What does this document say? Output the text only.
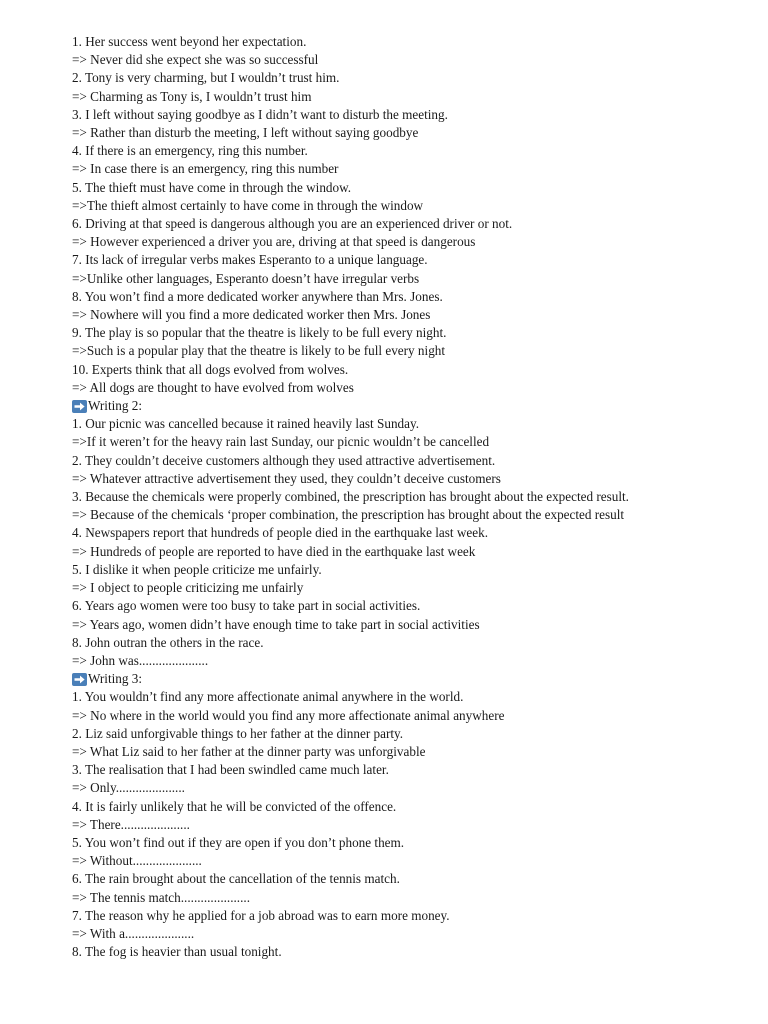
1. Her success went beyond her expectation.
=> Never did she expect she was so successful
2. Tony is very charming, but I wouldn’t trust him.
=> Charming as Tony is, I wouldn’t trust him
3. I left without saying goodbye as I didn’t want to disturb the meeting.
=> Rather than disturb the meeting, I left without saying goodbye
4. If there is an emergency, ring this number.
=> In case there is an emergency, ring this number
5. The thieft must have come in through the window.
=>The thieft almost certainly to have come in through the window
6. Driving at that speed is dangerous although you are an experienced driver or not.
=> However experienced a driver you are, driving at that speed is dangerous
7. Its lack of irregular verbs makes Esperanto to a unique language.
=>Unlike other languages, Esperanto doesn’t have irregular verbs
8. You won’t find a more dedicated worker anywhere than Mrs. Jones.
=> Nowhere will you find a more dedicated worker then Mrs. Jones
9. The play is so popular that the theatre is likely to be full every night.
=>Such is a popular play that the theatre is likely to be full every night
10. Experts think that all dogs evolved from wolves.
=> All dogs are thought to have evolved from wolves
Writing 2:
1. Our picnic was cancelled because it rained heavily last Sunday.
=>If it weren’t for the heavy rain last Sunday, our picnic wouldn’t be cancelled
2. They couldn’t deceive customers although they used attractive advertisement.
=> Whatever attractive advertisement they used, they couldn’t deceive customers
3. Because the chemicals were properly combined, the prescription has brought about the expected result.
=> Because of the chemicals ‘proper combination, the prescription has brought about the expected result
4. Newspapers report that hundreds of people died in the earthquake last week.
=> Hundreds of people are reported to have died in the earthquake last week
5. I dislike it when people criticize me unfairly.
=> I object to people criticizing me unfairly
6. Years ago women were too busy to take part in social activities.
=> Years ago, women didn’t have enough time to take part in social activities
8. John outran the others in the race.
=> John was.....................
Writing 3:
1. You wouldn’t find any more affectionate animal anywhere in the world.
=> No where in the world would you find any more affectionate animal anywhere
2. Liz said unforgivable things to her father at the dinner party.
=> What Liz said to her father at the dinner party was unforgivable
3. The realisation that I had been swindled came much later.
=> Only.....................
4. It is fairly unlikely that he will be convicted of the offence.
=> There.....................
5. You won’t find out if they are open if you don’t phone them.
=> Without.....................
6. The rain brought about the cancellation of the tennis match.
=> The tennis match.....................
7. The reason why he applied for a job abroad was to earn more money.
=> With a.....................
8. The fog is heavier than usual tonight.
